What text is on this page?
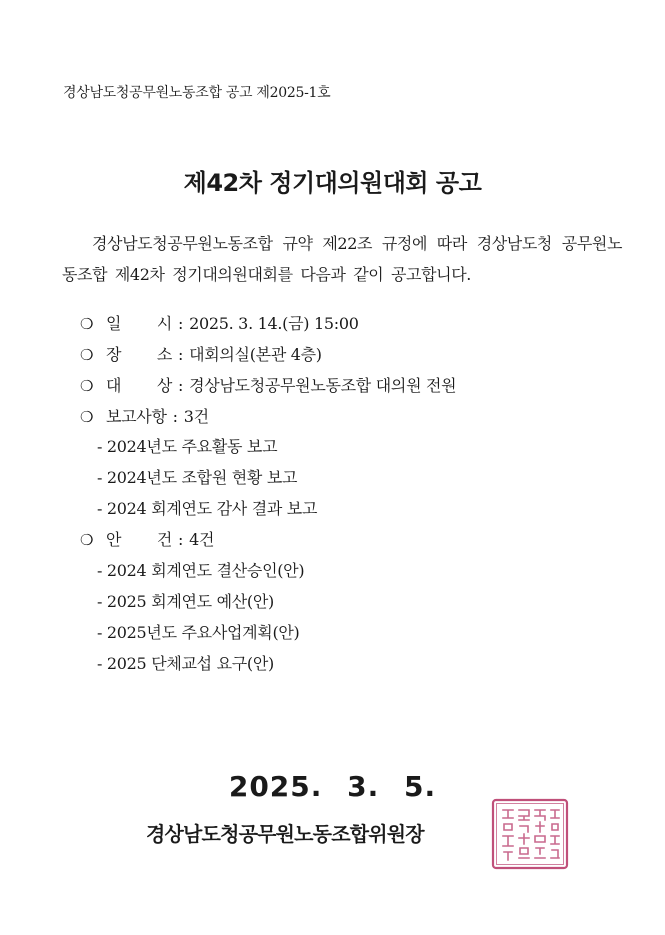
경상남도청공무원노동조합 공고 제2025-1호
제42차 정기대의원대회 공고
경상남도청공무원노동조합 규약 제22조 규정에 따라 경상남도청 공무원노동조합 제42차 정기대의원대회를 다음과 같이 공고합니다.
❍ 일 시 : 2025. 3. 14.(금) 15:00
❍ 장 소 : 대회의실(본관 4층)
❍ 대 상 : 경상남도청공무원노동조합 대의원 전원
❍ 보고사항 : 3건
- 2024년도 주요활동 보고
- 2024년도 조합원 현황 보고
- 2024 회계연도 감사 결과 보고
❍ 안 건 : 4건
- 2024 회계연도 결산승인(안)
- 2025 회계연도 예산(안)
- 2025년도 주요사업계획(안)
- 2025 단체교섭 요구(안)
2025. 3. 5.
경상남도청공무원노동조합위원장
